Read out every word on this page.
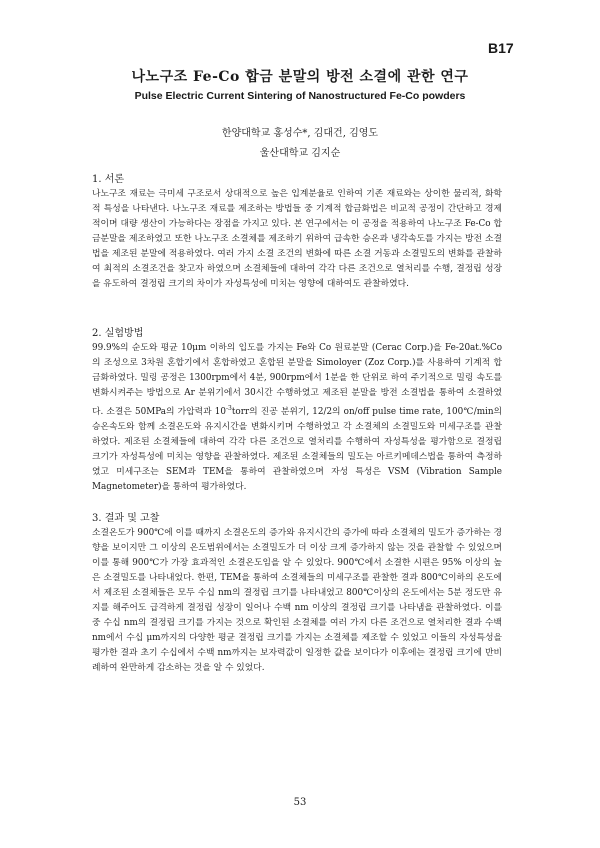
B17
나노구조 Fe-Co 합금 분말의 방전 소결에 관한 연구
Pulse Electric Current Sintering of Nanostructured Fe-Co powders
한양대학교 홍성수*, 김대건, 김영도
울산대학교 김지순
1. 서론

나노구조 재료는 극미세 구조로서 상대적으로 높은 입계분율로 인하여 기존 재료와는 상이한 물리적, 화학적 특성을 나타낸다. 나노구조 재료를 제조하는 방법들 중 기계적 합금화법은 비교적 공정이 간단하고 경제적이며 대량 생산이 가능하다는 장점을 가지고 있다. 본 연구에서는 이 공정을 적용하여 나노구조 Fe-Co 합금분말을 제조하였고 또한 나노구조 소결체를 제조하기 위하여 급속한 승온과 냉각속도를 가지는 방전 소결법을 제조된 분말에 적용하였다. 여러 가지 소결 조건의 변화에 따른 소결 거동과 소결밀도의 변화를 관찰하여 최적의 소결조건을 찾고자 하였으며 소결체들에 대하여 각각 다른 조건으로 열처리를 수행, 결정립 성장을 유도하여 결정립 크기의 차이가 자성특성에 미치는 영향에 대하여도 관찰하였다.

2. 실험방법

99.9%의 순도와 평균 10μm 이하의 입도를 가지는 Fe와 Co 원료분말 (Cerac Corp.)을 Fe-20at.%Co의 조성으로 3차원 혼합기에서 혼합하였고 혼합된 분말을 Simoloyer (Zoz Corp.)를 사용하여 기계적 합금화하였다. 밀링 공정은 1300rpm에서 4분, 900rpm에서 1분을 한 단위로 하여 주기적으로 밀링 속도를 변화시켜주는 방법으로 Ar 분위기에서 30시간 수행하였고 제조된 분말을 방전 소결법을 통하여 소결하였다. 소결은 50MPa의 가압력과 $10^{-3}torr$의 진공 분위기, 12/2의 on/off pulse time rate, 100℃/min의 승온속도와 함께 소결온도와 유지시간을 변화시키며 수행하였고 각 소결체의 소결밀도와 미세구조를 관찰하였다. 제조된 소결체들에 대하여 각각 다른 조건으로 열처리를 수행하여 자성특성을 평가함으로 결정립 크기가 자성특성에 미치는 영향을 관찰하였다. 제조된 소결체들의 밀도는 아르키메데스법을 통하여 측정하였고 미세구조는 SEM과 TEM을 통하여 관찰하였으며 자성 특성은 VSM (Vibration Sample Magnetometer)을 통하여 평가하였다.

3. 결과 및 고찰

소결온도가 900℃에 이를 때까지 소결온도의 증가와 유지시간의 증가에 따라 소결체의 밀도가 증가하는 경향을 보이지만 그 이상의 온도범위에서는 소결밀도가 더 이상 크게 증가하지 않는 것을 관찰할 수 있었으며 이를 통해 900℃가 가장 효과적인 소결온도임을 알 수 있었다. 900℃에서 소결한 시편은 95% 이상의 높은 소결밀도를 나타내었다. 한편, TEM을 통하여 소결체들의 미세구조를 관찰한 결과 800℃이하의 온도에서 제조된 소결체들은 모두 수십 nm의 결정립 크기를 나타내었고 800℃이상의 온도에서는 5분 정도만 유지를 해주어도 급격하게 결정립 성장이 일어나 수백 nm 이상의 결정립 크기를 나타냄을 관찰하였다. 이를 중 수십 nm의 결정립 크기를 가지는 것으로 확인된 소결체를 여러 가지 다른 조건으로 열처리한 결과 수백 nm에서 수십 μm까지의 다양한 평균 결정립 크기를 가지는 소결체를 제조할 수 있었고 이들의 자성특성을 평가한 결과 초기 수십에서 수백 nm까지는 보자력값이 일정한 값을 보이다가 이후에는 결정립 크기에 반비례하여 완만하게 감소하는 것을 알 수 있었다.

53
